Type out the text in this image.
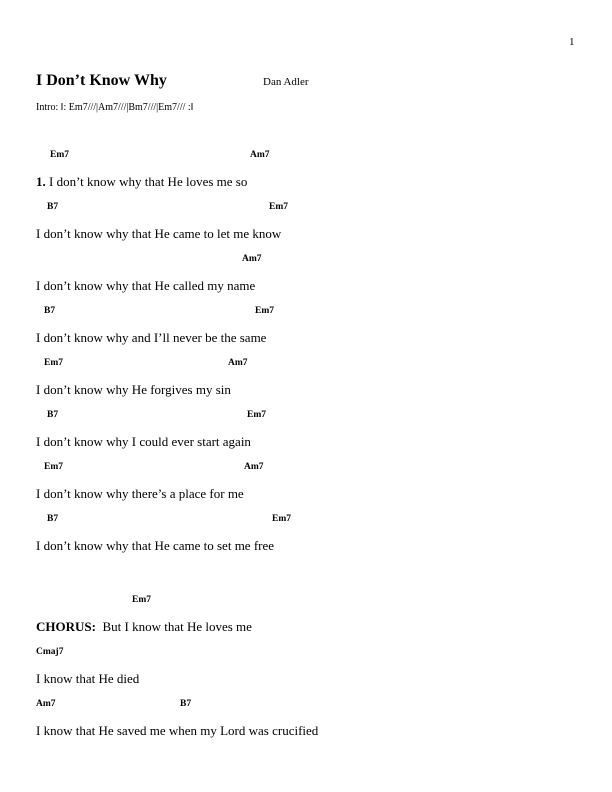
1
I Don’t Know Why	Dan Adler
Intro: ‖: Em7///|Am7///|Bm7///|Em7/// :‖
Em7	Am7
1. I don’t know why that He loves me so
B7	Em7
I don’t know why that He came to let me know
Am7
I don’t know why that He called my name
B7	Em7
I don’t know why and I’ll never be the same
Em7	Am7
I don’t know why He forgives my sin
B7	Em7
I don’t know why I could ever start again
Em7	Am7
I don’t know why there’s a place for me
B7	Em7
I don’t know why that He came to set me free
Em7
CHORUS: But I know that He loves me
Cmaj7
I know that He died
Am7	B7
I know that He saved me when my Lord was crucified
